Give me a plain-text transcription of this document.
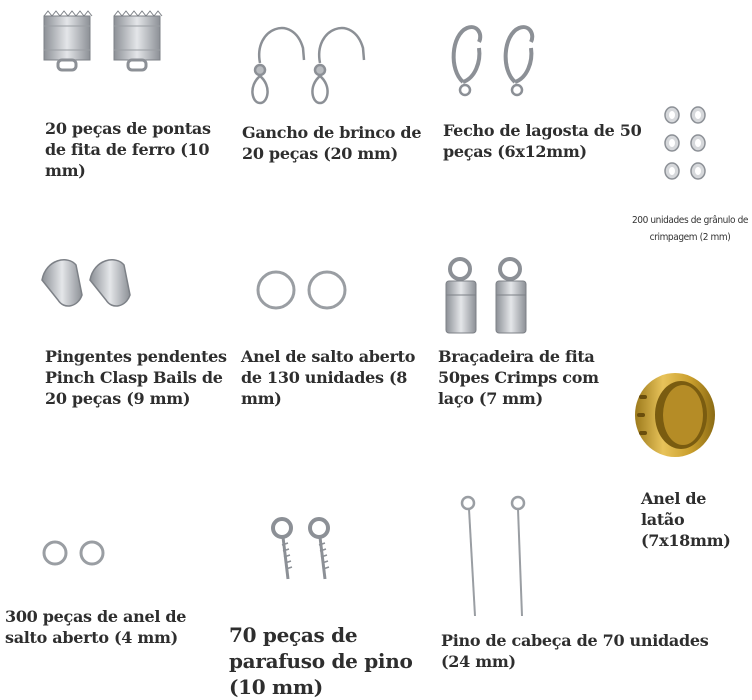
20 peças de pontas de fita de ferro (10 mm)
Gancho de brinco de 20 peças (20 mm)
Fecho de lagosta de 50 peças (6x12mm)
200 unidades de grânulo de crimpagem (2 mm)
Pingentes pendentes Pinch Clasp Bails de 20 peças (9 mm)
Anel de salto aberto de 130 unidades (8 mm)
Braçadeira de fita 50pes Crimps com laço (7 mm)
Anel de latão (7x18mm)
300 peças de anel de salto aberto (4 mm)	70 peças de parafuso de pino (10 mm)
Pino de cabeça de 70 unidades (24 mm)
